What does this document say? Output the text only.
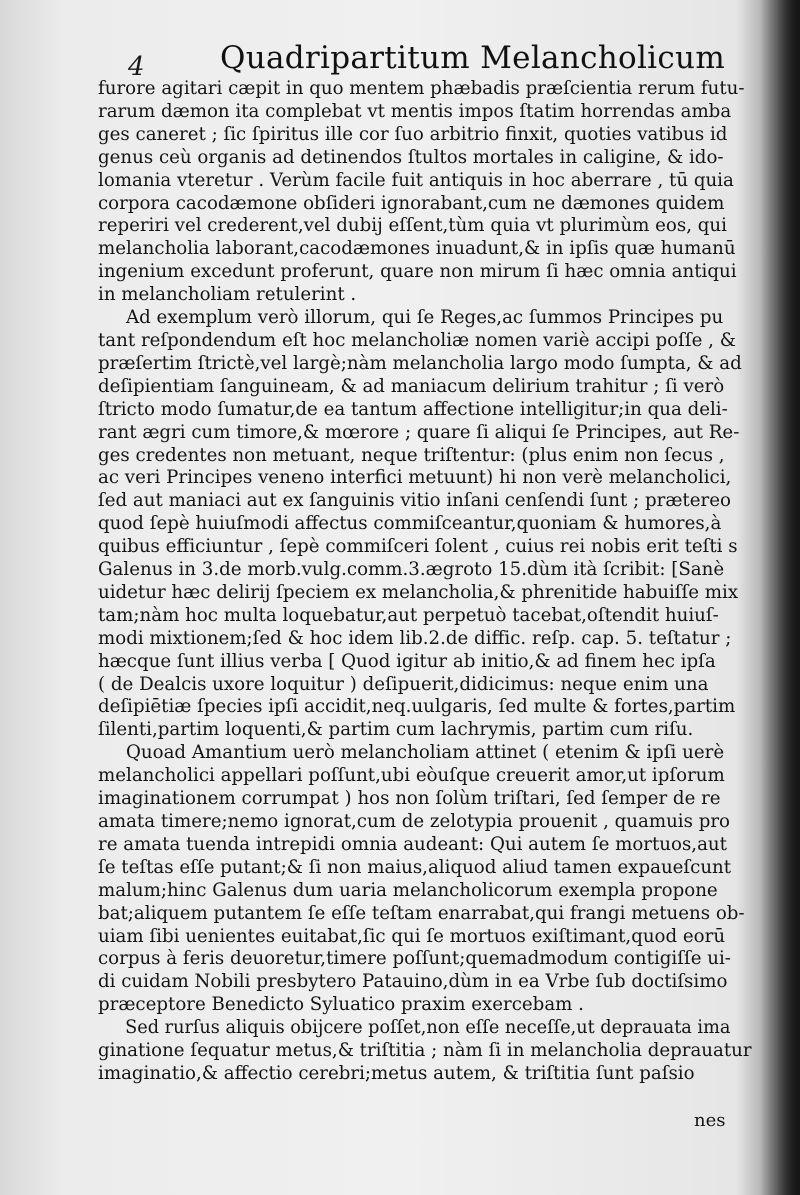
4 Quadripartitum Melancholicum
furore agitari cæpit in quo mentem phæbadis præſcientia rerum futu-
rarum dæmon ita complebat vt mentis impos ſtatim horrendas amba
ges caneret ; ſic ſpiritus ille cor ſuo arbitrio finxit, quoties vatibus id
genus ceù organis ad detinendos ſtultos mortales in caligine, & ido-
lomania vteretur . Verùm facile fuit antiquis in hoc aberrare , tū quia
corpora cacodæmone obſideri ignorabant,cum ne dæmones quidem
reperiri vel crederent,vel dubij eſſent,tùm quia vt plurimùm eos, qui
melancholia laborant,cacodæmones inuadunt,& in ipſis quæ humanū
ingenium excedunt proferunt, quare non mirum ſi hæc omnia antiqui
in melancholiam retulerint .
Ad exemplum verò illorum, qui ſe Reges,ac ſummos Principes pu
tant reſpondendum eſt hoc melancholiæ nomen variè accipi poſſe , &
præſertim ſtrictè,vel largè;nàm melancholia largo modo ſumpta, & ad
deſipientiam ſanguineam, & ad maniacum delirium trahitur ; ſi verò
ſtricto modo ſumatur,de ea tantum affectione intelligitur;in qua deli-
rant ægri cum timore,& mœrore ; quare ſi aliqui ſe Principes, aut Re-
ges credentes non metuant, neque triſtentur: (plus enim non ſecus ,
ac veri Principes veneno interfici metuunt) hi non verè melancholici,
ſed aut maniaci aut ex ſanguinis vitio inſani cenſendi ſunt ; prætereo
quod ſepè huiuſmodi affectus commiſceantur,quoniam & humores,à
quibus efficiuntur , ſepè commiſceri ſolent , cuius rei nobis erit teſti s
Galenus in 3.de morb.vulg.comm.3.ægroto 15.dùm ità ſcribit: [Sanè
uidetur hæc delirij ſpeciem ex melancholia,& phrenitide habuiſſe mix
tam;nàm hoc multa loquebatur,aut perpetuò tacebat,oſtendit huiuſ-
modi mixtionem;ſed & hoc idem lib.2.de diffic. reſp. cap. 5. teſtatur ;
hæcque ſunt illius verba [ Quod igitur ab initio,& ad finem hec ipſa
( de Dealcis uxore loquitur ) deſipuerit,didicimus: neque enim una
deſipiētiæ ſpecies ipſi accidit,neq.uulgaris, ſed multe & fortes,partim
ſilenti,partim loquenti,& partim cum lachrymis, partim cum riſu.
Quoad Amantium uerò melancholiam attinet ( etenim & ipſi uerè
melancholici appellari poſſunt,ubi eòuſque creuerit amor,ut ipſorum
imaginationem corrumpat ) hos non ſolùm triſtari, ſed ſemper de re
amata timere;nemo ignorat,cum de zelotypia prouenit , quamuis pro
re amata tuenda intrepidi omnia audeant: Qui autem ſe mortuos,aut
ſe teſtas eſſe putant;& ſi non maius,aliquod aliud tamen expaueſcunt
malum;hinc Galenus dum uaria melancholicorum exempla propone
bat;aliquem putantem ſe eſſe teſtam enarrabat,qui frangi metuens ob-
uiam ſibi uenientes euitabat,ſic qui ſe mortuos exiſtimant,quod eorū
corpus à feris deuoretur,timere poſſunt;quemadmodum contigiſſe ui-
di cuidam Nobili presbytero Patauino,dùm in ea Vrbe ſub doctiſsimo
præceptore Benedicto Syluatico praxim exercebam .
Sed rurſus aliquis obijcere poſſet,non eſſe neceſſe,ut deprauata ima
ginatione ſequatur metus,& triſtitia ; nàm ſi in melancholia deprauatur imaginatio,& affectio cerebri;metus autem, & triſtitia ſunt paſsio
nes
